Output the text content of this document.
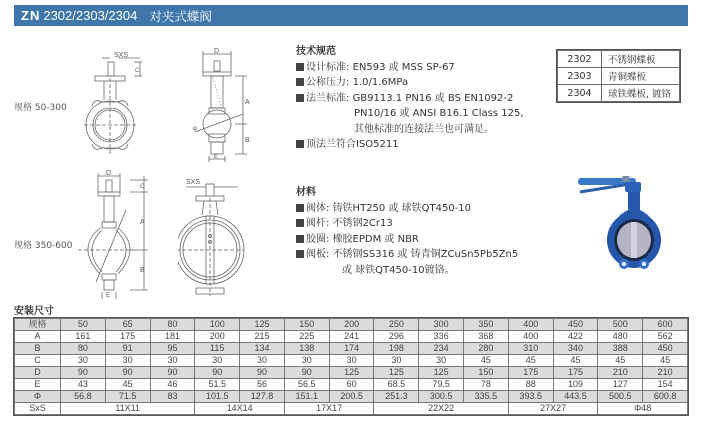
ZN 2302/2303/2304 对夹式蝶阀
规格 50-300
规格 350-600
SXS
C
D
φ
E
A
B
D
E
C
A
B
SXS
技术规范
设计标准: EN593 或 MSS SP-67
公称压力: 1.0/1.6MPa
法兰标准: GB9113.1 PN16 或 BS EN1092-2
PN10/16 或 ANSI B16.1 Class 125,
其他标准的连接法兰也可满足。
顶法兰符合ISO5211
材料
阀体: 铸铁HT250 或 球铁QT450-10
阀杆: 不锈钢2Cr13
胶圈: 橡胶EPDM 或 NBR
阀板: 不锈钢SS316 或 铸青铜ZCuSn5Pb5Zn5
或 球铁QT450-10镀铬。
2302	不锈钢蝶板
2303	青铜蝶板
2304	球铁蝶板, 镀铬
安装尺寸
规格	50	65	80	100	125	150	200	250	300	350	400	450	500	600
A	161	175	181	200	215	225	241	296	336	368	400	422	480	562
B	80	91	95	115	134	138	174	198	234	280	310	340	388	450
C	30	30	30	30	30	30	30	30	30	45	45	45	45	45
D	90	90	90	90	90	90	125	125	125	150	175	175	210	210
E	43	45	46	51.5	56	56.5	60	68.5	79.5	78	88	109	127	154
Φ	56.8	71.5	83	101.5	127.8	151.1	200.5	251.3	300.5	335.5	393.5	443.5	500.5	600.8
SxS	11X11			14X14		17X17		22X22			27X27		Φ48	
